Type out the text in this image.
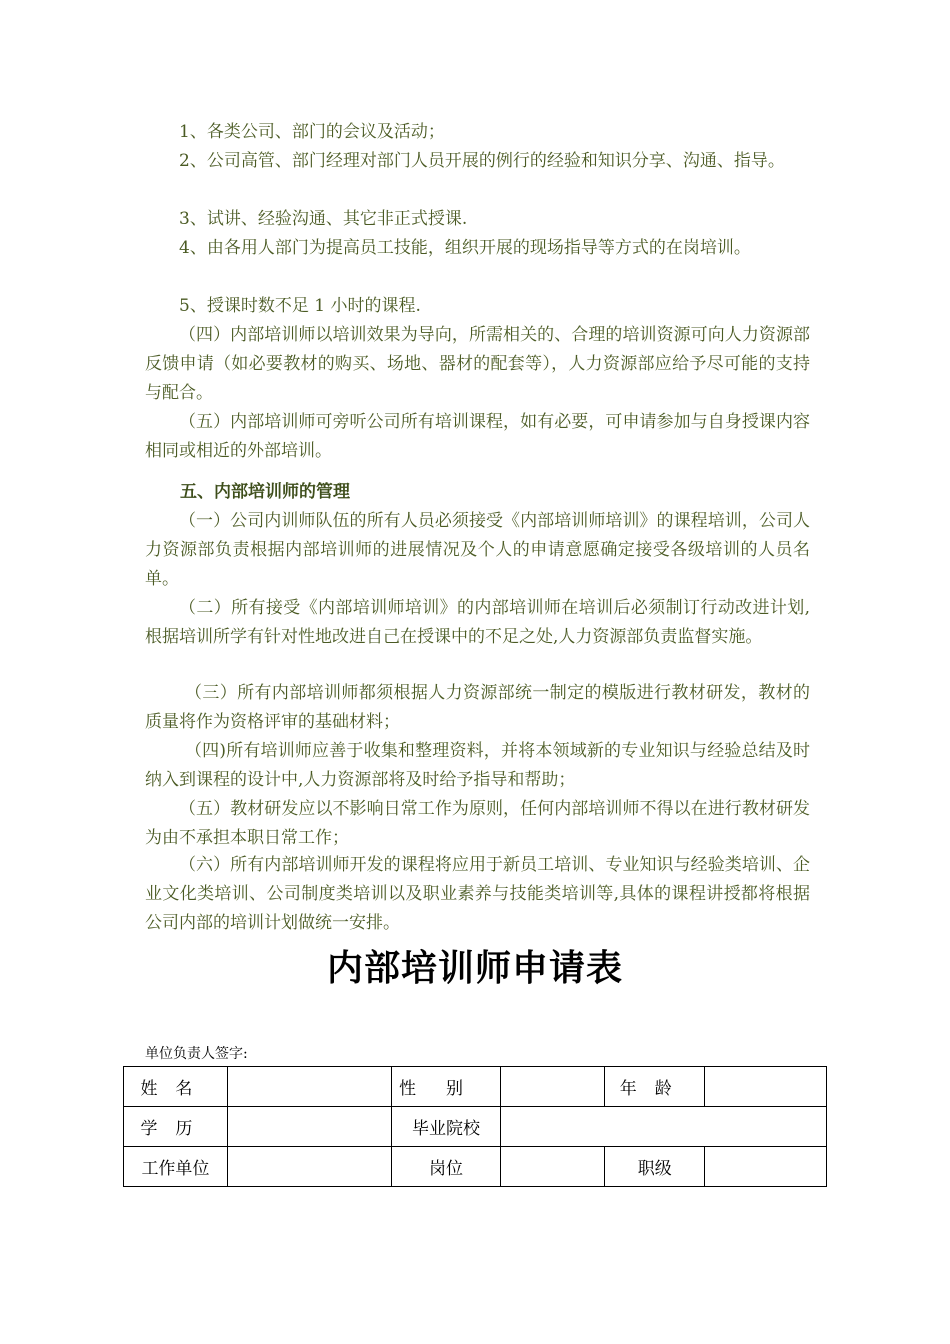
1、各类公司、部门的会议及活动；

2、公司高管、部门经理对部门人员开展的例行的经验和知识分享、沟通、指导。

3、试讲、经验沟通、其它非正式授课.

4、由各用人部门为提高员工技能，组织开展的现场指导等方式的在岗培训。

5、授课时数不足 1 小时的课程.

（四）内部培训师以培训效果为导向，所需相关的、合理的培训资源可向人力资源部反馈申请（如必要教材的购买、场地、器材的配套等），人力资源部应给予尽可能的支持与配合。

（五）内部培训师可旁听公司所有培训课程，如有必要，可申请参加与自身授课内容相同或相近的外部培训。

五、内部培训师的管理

（一）公司内训师队伍的所有人员必须接受《内部培训师培训》的课程培训，公司人力资源部负责根据内部培训师的进展情况及个人的申请意愿确定接受各级培训的人员名单。

（二）所有接受《内部培训师培训》的内部培训师在培训后必须制订行动改进计划,根据培训所学有针对性地改进自己在授课中的不足之处,人力资源部负责监督实施。

（三）所有内部培训师都须根据人力资源部统一制定的模版进行教材研发，教材的质量将作为资格评审的基础材料；

（四)所有培训师应善于收集和整理资料，并将本领域新的专业知识与经验总结及时纳入到课程的设计中,人力资源部将及时给予指导和帮助；

（五）教材研发应以不影响日常工作为原则，任何内部培训师不得以在进行教材研发为由不承担本职日常工作；

（六）所有内部培训师开发的课程将应用于新员工培训、专业知识与经验类培训、企业文化类培训、公司制度类培训以及职业素养与技能类培训等,具体的课程讲授都将根据公司内部的培训计划做统一安排。

内部培训师申请表
单位负责人签字:
姓名		性别		年龄	
学历		毕业院校			
工作单位		岗位		职级	
